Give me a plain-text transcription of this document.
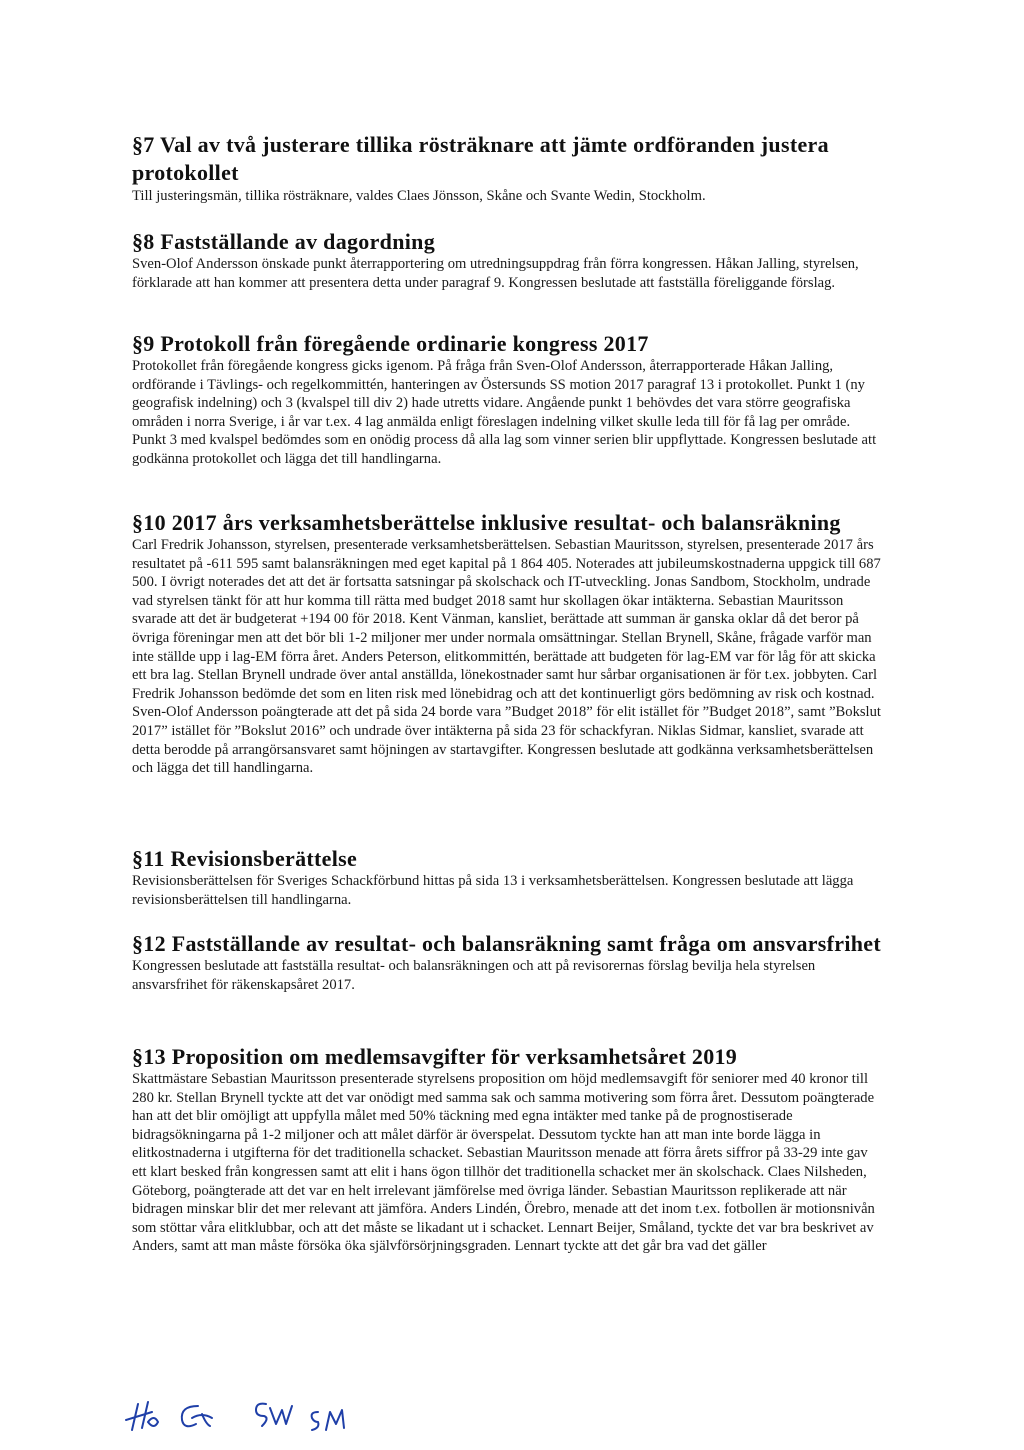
§7 Val av två justerare tillika rösträknare att jämte ordföranden justera protokollet

Till justeringsmän, tillika rösträknare, valdes Claes Jönsson, Skåne och Svante Wedin, Stockholm.

§8 Fastställande av dagordning

Sven-Olof Andersson önskade punkt återrapportering om utredningsuppdrag från förra kongressen. Håkan Jalling, styrelsen, förklarade att han kommer att presentera detta under paragraf 9. Kongressen beslutade att fastställa föreliggande förslag.

§9 Protokoll från föregående ordinarie kongress 2017

Protokollet från föregående kongress gicks igenom. På fråga från Sven-Olof Andersson, återrapporterade Håkan Jalling, ordförande i Tävlings- och regelkommittén, hanteringen av Östersunds SS motion 2017 paragraf 13 i protokollet. Punkt 1 (ny geografisk indelning) och 3 (kvalspel till div 2) hade utretts vidare. Angående punkt 1 behövdes det vara större geografiska områden i norra Sverige, i år var t.ex. 4 lag anmälda enligt föreslagen indelning vilket skulle leda till för få lag per område. Punkt 3 med kvalspel bedömdes som en onödig process då alla lag som vinner serien blir uppflyttade. Kongressen beslutade att godkänna protokollet och lägga det till handlingarna.

§10 2017 års verksamhetsberättelse inklusive resultat- och balansräkning

Carl Fredrik Johansson, styrelsen, presenterade verksamhetsberättelsen. Sebastian Mauritsson, styrelsen, presenterade 2017 års resultatet på -611 595 samt balansräkningen med eget kapital på 1 864 405. Noterades att jubileumskostnaderna uppgick till 687 500. I övrigt noterades det att det är fortsatta satsningar på skolschack och IT-utveckling. Jonas Sandbom, Stockholm, undrade vad styrelsen tänkt för att hur komma till rätta med budget 2018 samt hur skollagen ökar intäkterna. Sebastian Mauritsson svarade att det är budgeterat +194 00 för 2018. Kent Vänman, kansliet, berättade att summan är ganska oklar då det beror på övriga föreningar men att det bör bli 1-2 miljoner mer under normala omsättningar. Stellan Brynell, Skåne, frågade varför man inte ställde upp i lag-EM förra året. Anders Peterson, elitkommittén, berättade att budgeten för lag-EM var för låg för att skicka ett bra lag. Stellan Brynell undrade över antal anställda, lönekostnader samt hur sårbar organisationen är för t.ex. jobbyten. Carl Fredrik Johansson bedömde det som en liten risk med lönebidrag och att det kontinuerligt görs bedömning av risk och kostnad. Sven-Olof Andersson poängterade att det på sida 24 borde vara ”Budget 2018” för elit istället för ”Budget 2018”, samt ”Bokslut 2017” istället för ”Bokslut 2016” och undrade över intäkterna på sida 23 för schackfyran. Niklas Sidmar, kansliet, svarade att detta berodde på arrangörsansvaret samt höjningen av startavgifter. Kongressen beslutade att godkänna verksamhetsberättelsen och lägga det till handlingarna.

§11 Revisionsberättelse

Revisionsberättelsen för Sveriges Schackförbund hittas på sida 13 i verksamhetsberättelsen. Kongressen beslutade att lägga revisionsberättelsen till handlingarna.

§12 Fastställande av resultat- och balansräkning samt fråga om ansvarsfrihet

Kongressen beslutade att fastställa resultat- och balansräkningen och att på revisorernas förslag bevilja hela styrelsen ansvarsfrihet för räkenskapsåret 2017.

§13 Proposition om medlemsavgifter för verksamhetsåret 2019

Skattmästare Sebastian Mauritsson presenterade styrelsens proposition om höjd medlemsavgift för seniorer med 40 kronor till 280 kr. Stellan Brynell tyckte att det var onödigt med samma sak och samma motivering som förra året. Dessutom poängterade han att det blir omöjligt att uppfylla målet med 50% täckning med egna intäkter med tanke på de prognostiserade bidragsökningarna på 1-2 miljoner och att målet därför är överspelat. Dessutom tyckte han att man inte borde lägga in elitkostnaderna i utgifterna för det traditionella schacket. Sebastian Mauritsson menade att förra årets siffror på 33-29 inte gav ett klart besked från kongressen samt att elit i hans ögon tillhör det traditionella schacket mer än skolschack. Claes Nilsheden, Göteborg, poängterade att det var en helt irrelevant jämförelse med övriga länder. Sebastian Mauritsson replikerade att när bidragen minskar blir det mer relevant att jämföra. Anders Lindén, Örebro, menade att det inom t.ex. fotbollen är motionsnivån som stöttar våra elitklubbar, och att det måste se likadant ut i schacket. Lennart Beijer, Småland, tyckte det var bra beskrivet av Anders, samt att man måste försöka öka självförsörjningsgraden. Lennart tyckte att det går bra vad det gäller
